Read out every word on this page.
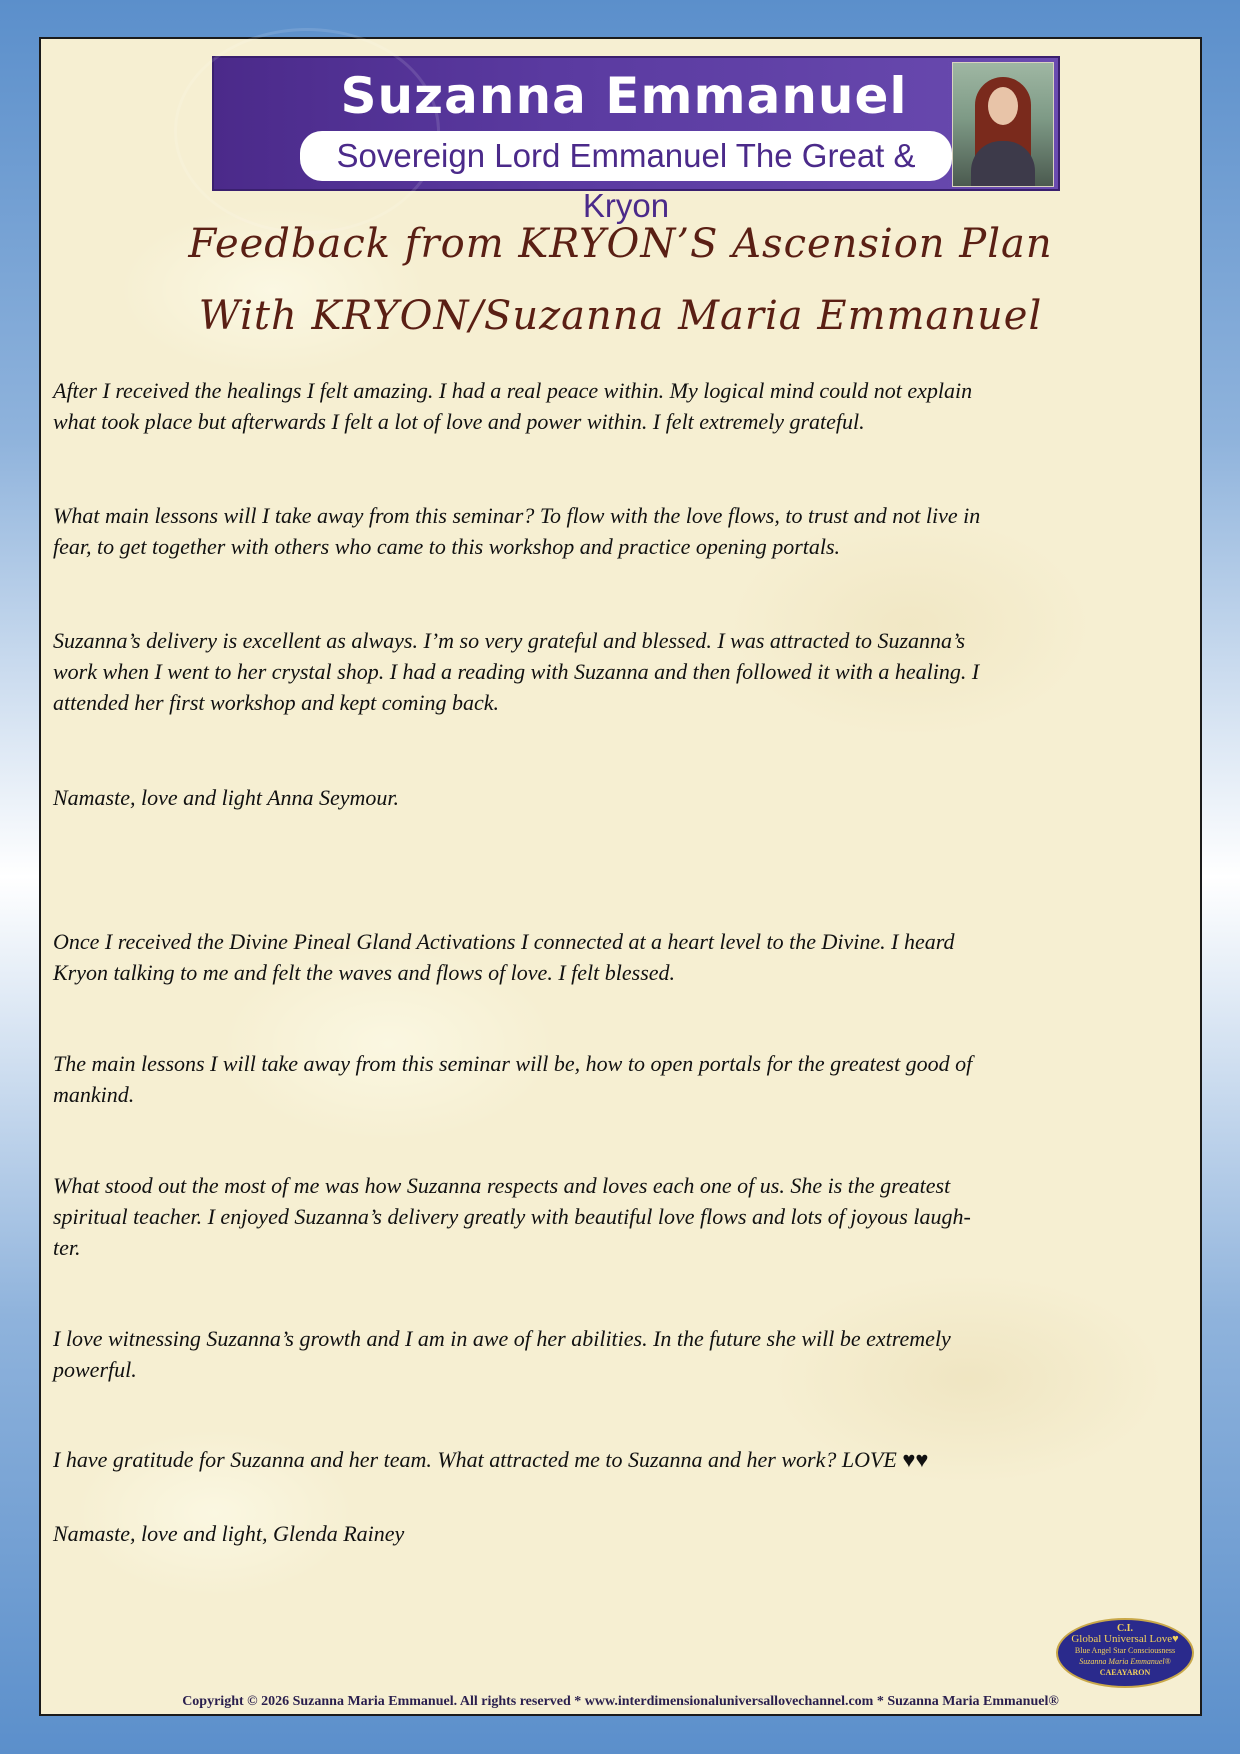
Suzanna Emmanuel
Sovereign Lord Emmanuel The Great & Kryon
Feedback from KRYON’S Ascension Plan
With KRYON/Suzanna Maria Emmanuel
After I received the healings I felt amazing. I had a real peace within. My logical mind could not explain
what took place but afterwards I felt a lot of love and power within. I felt extremely grateful.
What main lessons will I take away from this seminar? To flow with the love flows, to trust and not live in
fear, to get together with others who came to this workshop and practice opening portals.
Suzanna’s delivery is excellent as always. I’m so very grateful and blessed. I was attracted to Suzanna’s
work when I went to her crystal shop. I had a reading with Suzanna and then followed it with a healing. I
attended her first workshop and kept coming back.
Namaste, love and light Anna Seymour.
Once I received the Divine Pineal Gland Activations I connected at a heart level to the Divine. I heard
Kryon talking to me and felt the waves and flows of love. I felt blessed.
The main lessons I will take away from this seminar will be, how to open portals for the greatest good of
mankind.
What stood out the most of me was how Suzanna respects and loves each one of us. She is the greatest
spiritual teacher. I enjoyed Suzanna’s delivery greatly with beautiful love flows and lots of joyous laugh-
ter.
I love witnessing Suzanna’s growth and I am in awe of her abilities. In the future she will be extremely
powerful.
I have gratitude for Suzanna and her team. What attracted me to Suzanna and her work? LOVE ♥♥
Namaste, love and light, Glenda Rainey
C.I.
Global Universal Love♥
Blue Angel Star Consciousness
Suzanna Maria Emmanuel®
CAEAYARON
Copyright © 2026 Suzanna Maria Emmanuel. All rights reserved * www.interdimensionaluniversallovechannel.com * Suzanna Maria Emmanuel®
